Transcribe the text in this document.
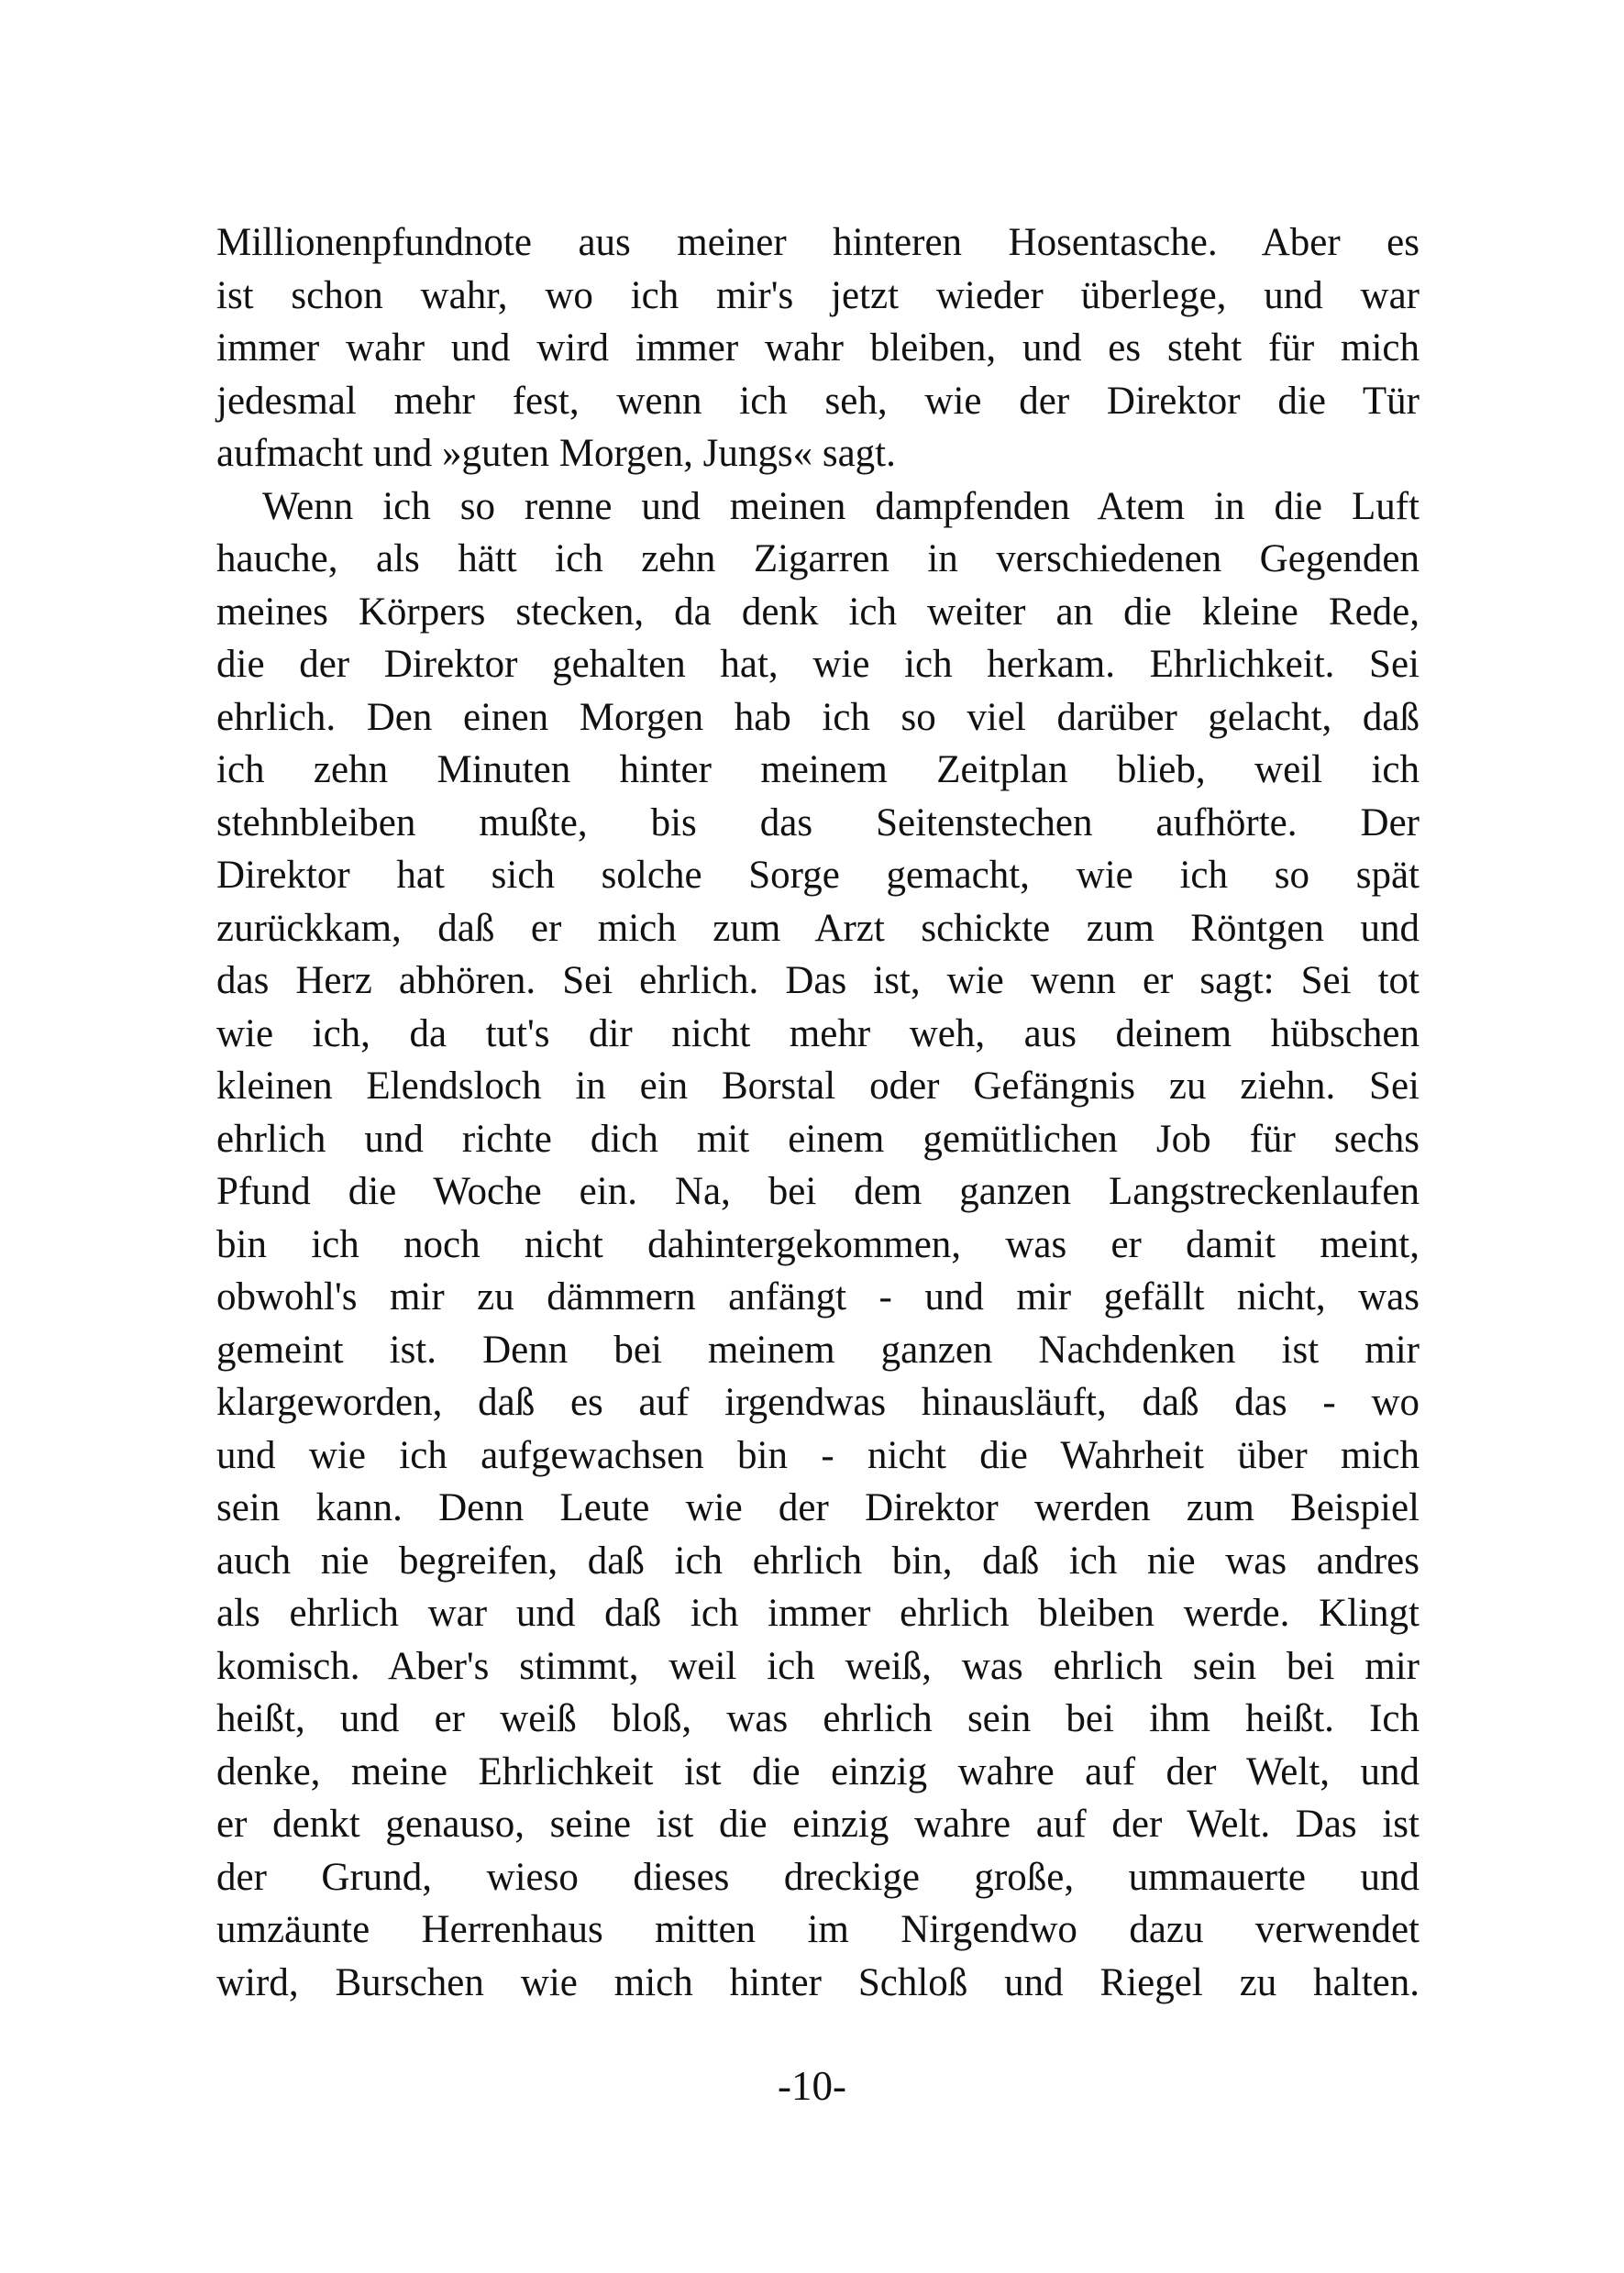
Millionenpfundnote aus meiner hinteren Hosentasche. Aber es
ist schon wahr, wo ich mir's jetzt wieder überlege, und war
immer wahr und wird immer wahr bleiben, und es steht für mich
jedesmal mehr fest, wenn ich seh, wie der Direktor die Tür
aufmacht und »guten Morgen, Jungs« sagt.
Wenn ich so renne und meinen dampfenden Atem in die Luft
hauche, als hätt ich zehn Zigarren in verschiedenen Gegenden
meines Körpers stecken, da denk ich weiter an die kleine Rede,
die der Direktor gehalten hat, wie ich herkam. Ehrlichkeit. Sei
ehrlich. Den einen Morgen hab ich so viel darüber gelacht, daß
ich zehn Minuten hinter meinem Zeitplan blieb, weil ich
stehnbleiben mußte, bis das Seitenstechen aufhörte. Der
Direktor hat sich solche Sorge gemacht, wie ich so spät
zurückkam, daß er mich zum Arzt schickte zum Röntgen und
das Herz abhören. Sei ehrlich. Das ist, wie wenn er sagt: Sei tot
wie ich, da tut's dir nicht mehr weh, aus deinem hübschen
kleinen Elendsloch in ein Borstal oder Gefängnis zu ziehn. Sei
ehrlich und richte dich mit einem gemütlichen Job für sechs
Pfund die Woche ein. Na, bei dem ganzen Langstreckenlaufen
bin ich noch nicht dahintergekommen, was er damit meint,
obwohl's mir zu dämmern anfängt - und mir gefällt nicht, was
gemeint ist. Denn bei meinem ganzen Nachdenken ist mir
klargeworden, daß es auf irgendwas hinausläuft, daß das - wo
und wie ich aufgewachsen bin - nicht die Wahrheit über mich
sein kann. Denn Leute wie der Direktor werden zum Beispiel
auch nie begreifen, daß ich ehrlich bin, daß ich nie was andres
als ehrlich war und daß ich immer ehrlich bleiben werde. Klingt
komisch. Aber's stimmt, weil ich weiß, was ehrlich sein bei mir
heißt, und er weiß bloß, was ehrlich sein bei ihm heißt. Ich
denke, meine Ehrlichkeit ist die einzig wahre auf der Welt, und
er denkt genauso, seine ist die einzig wahre auf der Welt. Das ist
der Grund, wieso dieses dreckige große, ummauerte und
umzäunte Herrenhaus mitten im Nirgendwo dazu verwendet
wird, Burschen wie mich hinter Schloß und Riegel zu halten.
-10-
